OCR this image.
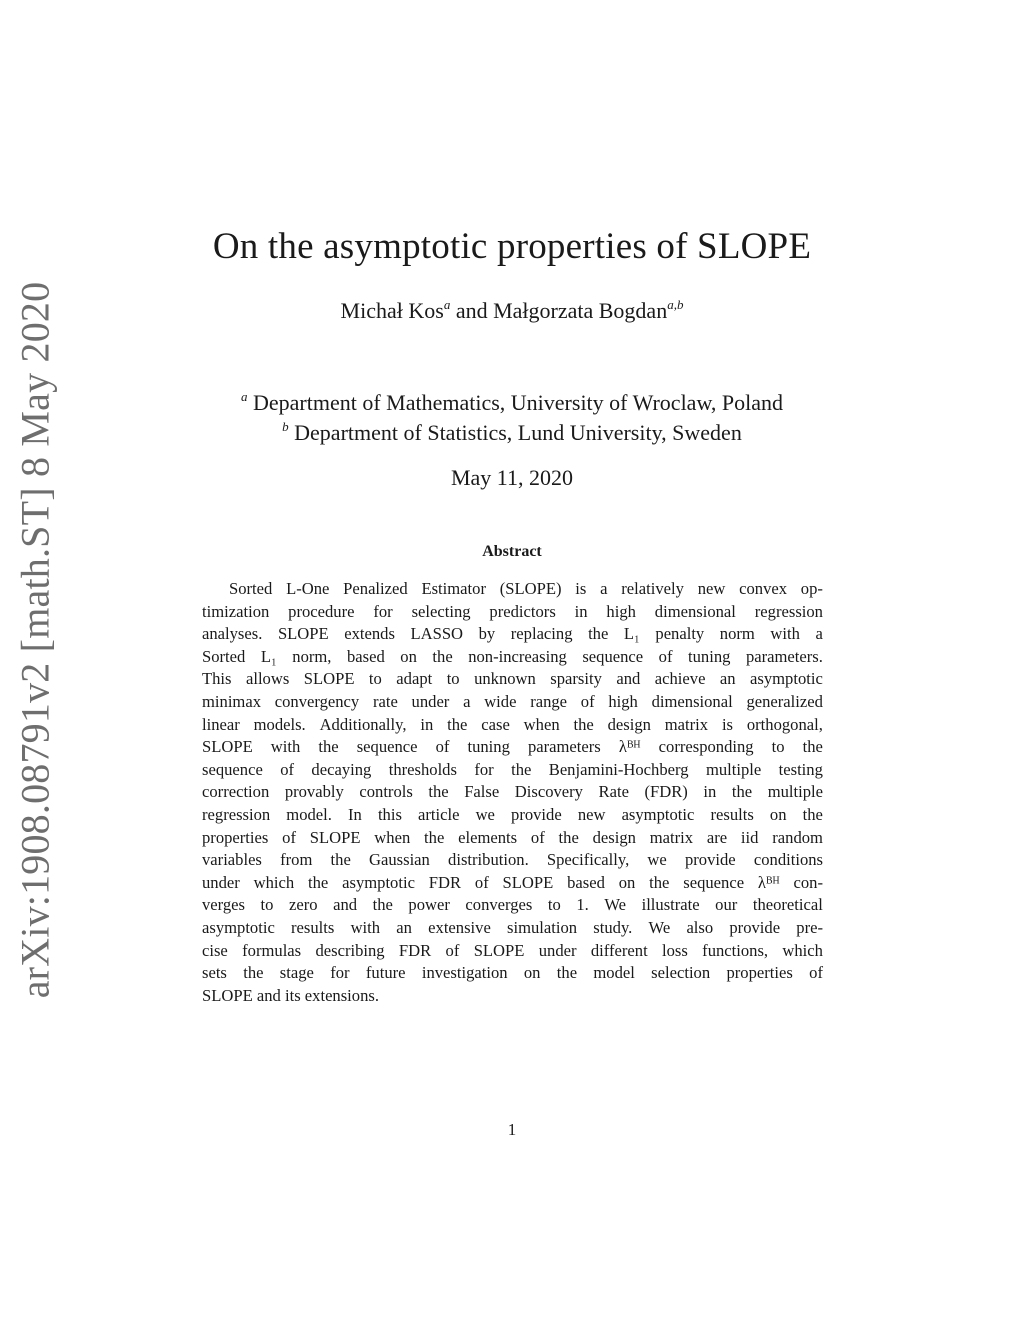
arXiv:1908.08791v2 [math.ST] 8 May 2020
On the asymptotic properties of SLOPE
Michał Kos$^a$ and Małgorzata Bogdan$^{a,b}$
$^a$ Department of Mathematics, University of Wroclaw, Poland
$^b$ Department of Statistics, Lund University, Sweden
May 11, 2020
Abstract
Sorted L-One Penalized Estimator (SLOPE) is a relatively new convex op-
timization procedure for selecting predictors in high dimensional regression
analyses. SLOPE extends LASSO by replacing the L₁ penalty norm with a
Sorted L₁ norm, based on the non-increasing sequence of tuning parameters.
This allows SLOPE to adapt to unknown sparsity and achieve an asymptotic
minimax convergency rate under a wide range of high dimensional generalized
linear models. Additionally, in the case when the design matrix is orthogonal,
SLOPE with the sequence of tuning parameters λᴮᴴ corresponding to the
sequence of decaying thresholds for the Benjamini-Hochberg multiple testing
correction provably controls the False Discovery Rate (FDR) in the multiple
regression model. In this article we provide new asymptotic results on the
properties of SLOPE when the elements of the design matrix are iid random
variables from the Gaussian distribution. Specifically, we provide conditions
under which the asymptotic FDR of SLOPE based on the sequence λᴮᴴ con-
verges to zero and the power converges to 1. We illustrate our theoretical
asymptotic results with an extensive simulation study. We also provide pre-
cise formulas describing FDR of SLOPE under different loss functions, which
sets the stage for future investigation on the model selection properties of
SLOPE and its extensions.
1
